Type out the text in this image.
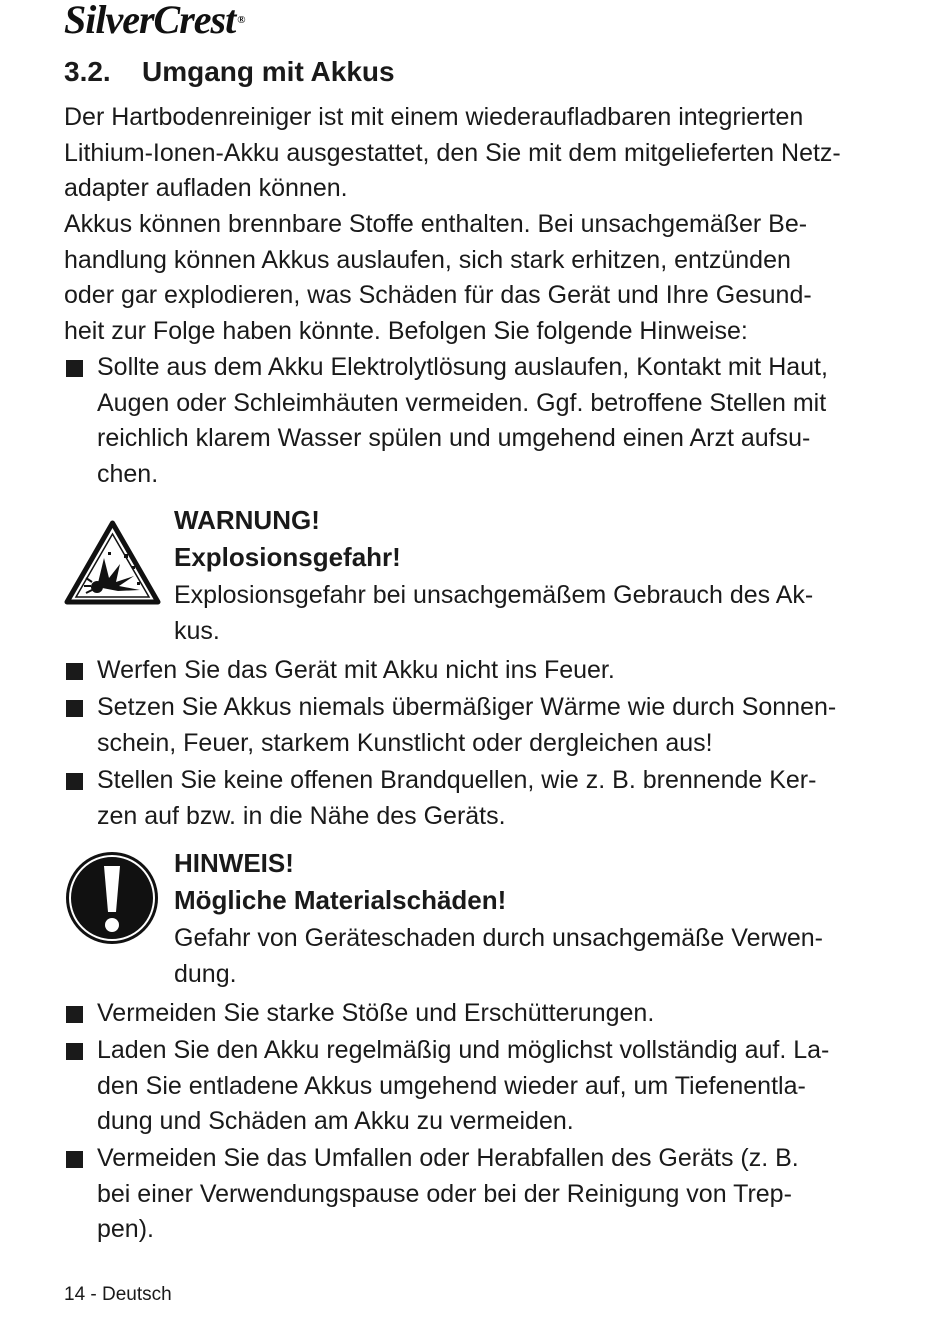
SilverCrest ®
3.2. Umgang mit Akkus
Der Hartbodenreiniger ist mit einem wiederaufladbaren integrierten
Lithium-Ionen-Akku ausgestattet, den Sie mit dem mitgelieferten Netz-
adapter aufladen können.
Akkus können brennbare Stoffe enthalten. Bei unsachgemäßer Be-
handlung können Akkus auslaufen, sich stark erhitzen, entzünden
oder gar explodieren, was Schäden für das Gerät und Ihre Gesund-
heit zur Folge haben könnte. Befolgen Sie folgende Hinweise:
Sollte aus dem Akku Elektrolytlösung auslaufen, Kontakt mit Haut,
Augen oder Schleimhäuten vermeiden. Ggf. betroffene Stellen mit
reichlich klarem Wasser spülen und umgehend einen Arzt aufsu-
chen.
WARNUNG!
Explosionsgefahr!
Explosionsgefahr bei unsachgemäßem Gebrauch des Ak-
kus.
Werfen Sie das Gerät mit Akku nicht ins Feuer.
Setzen Sie Akkus niemals übermäßiger Wärme wie durch Sonnen-
schein, Feuer, starkem Kunstlicht oder dergleichen aus!
Stellen Sie keine offenen Brandquellen, wie z. B. brennende Ker-
zen auf bzw. in die Nähe des Geräts.
HINWEIS!
Mögliche Materialschäden!
Gefahr von Geräteschaden durch unsachgemäße Verwen-
dung.
Vermeiden Sie starke Stöße und Erschütterungen.
Laden Sie den Akku regelmäßig und möglichst vollständig auf. La-
den Sie entladene Akkus umgehend wieder auf, um Tiefenentla-
dung und Schäden am Akku zu vermeiden.
Vermeiden Sie das Umfallen oder Herabfallen des Geräts (z. B.
bei einer Verwendungspause oder bei der Reinigung von Trep-
pen).
14 - Deutsch
